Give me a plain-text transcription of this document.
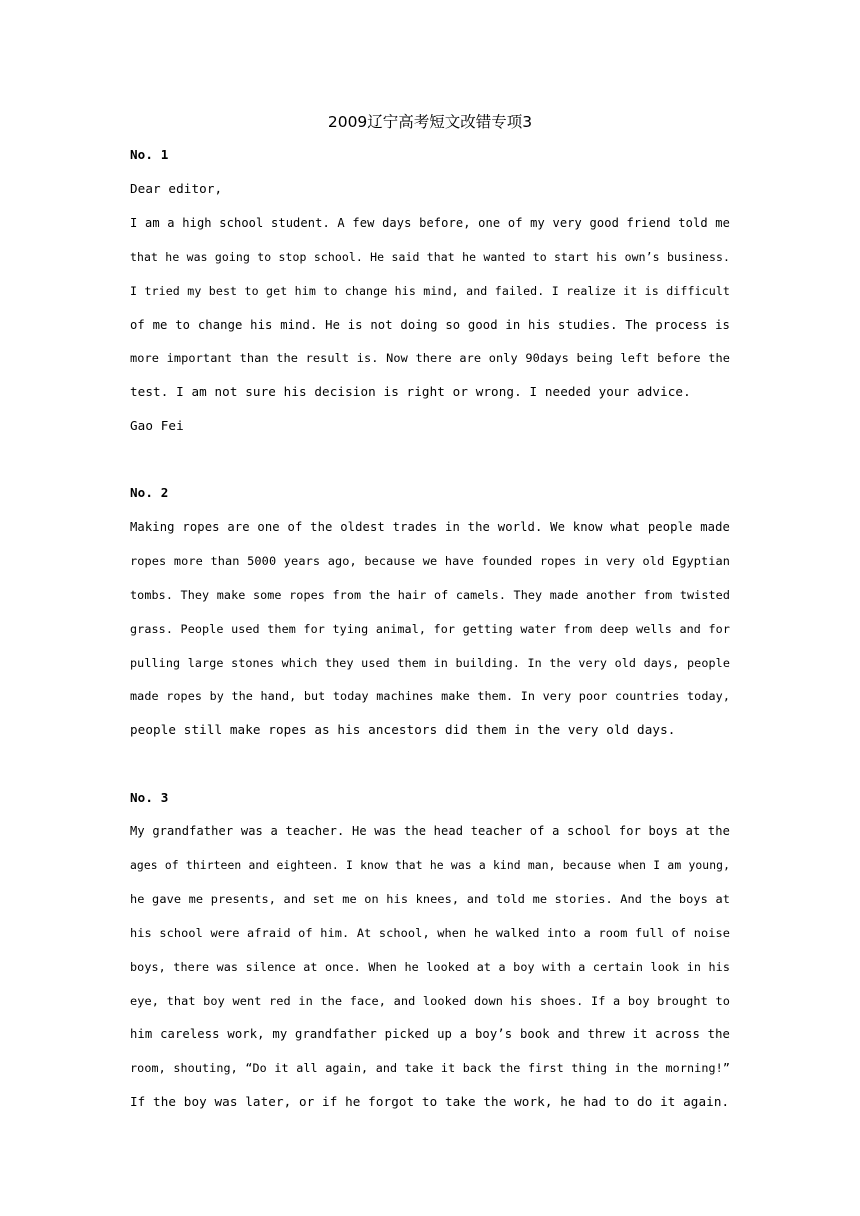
2009辽宁高考短文改错专项3
No. 1
Dear editor,
I am a high school student. A few days before, one of my very good friend told me
that he was going to stop school. He said that he wanted to start his own’s business.
I tried my best to get him to change his mind, and failed. I realize it is difficult
of me to change his mind. He is not doing so good in his studies. The process is
more important than the result is. Now there are only 90days being left before the
test. I am not sure his decision is right or wrong. I needed your advice.
Gao Fei
No. 2
Making ropes are one of the oldest trades in the world. We know what people made
ropes more than 5000 years ago, because we have founded ropes in very old Egyptian
tombs. They make some ropes from the hair of camels. They made another from twisted
grass. People used them for tying animal, for getting water from deep wells and for
pulling large stones which they used them in building. In the very old days, people
made ropes by the hand, but today machines make them. In very poor countries today,
people still make ropes as his ancestors did them in the very old days.
No. 3
My grandfather was a teacher. He was the head teacher of a school for boys at the
ages of thirteen and eighteen. I know that he was a kind man, because when I am young,
he gave me presents, and set me on his knees, and told me stories. And the boys at
his school were afraid of him. At school, when he walked into a room full of noise
boys, there was silence at once. When he looked at a boy with a certain look in his
eye, that boy went red in the face, and looked down his shoes. If a boy brought to
him careless work, my grandfather picked up a boy’s book and threw it across the
room, shouting, “Do it all again, and take it back the first thing in the morning!”
If the boy was later, or if he forgot to take the work, he had to do it again.
